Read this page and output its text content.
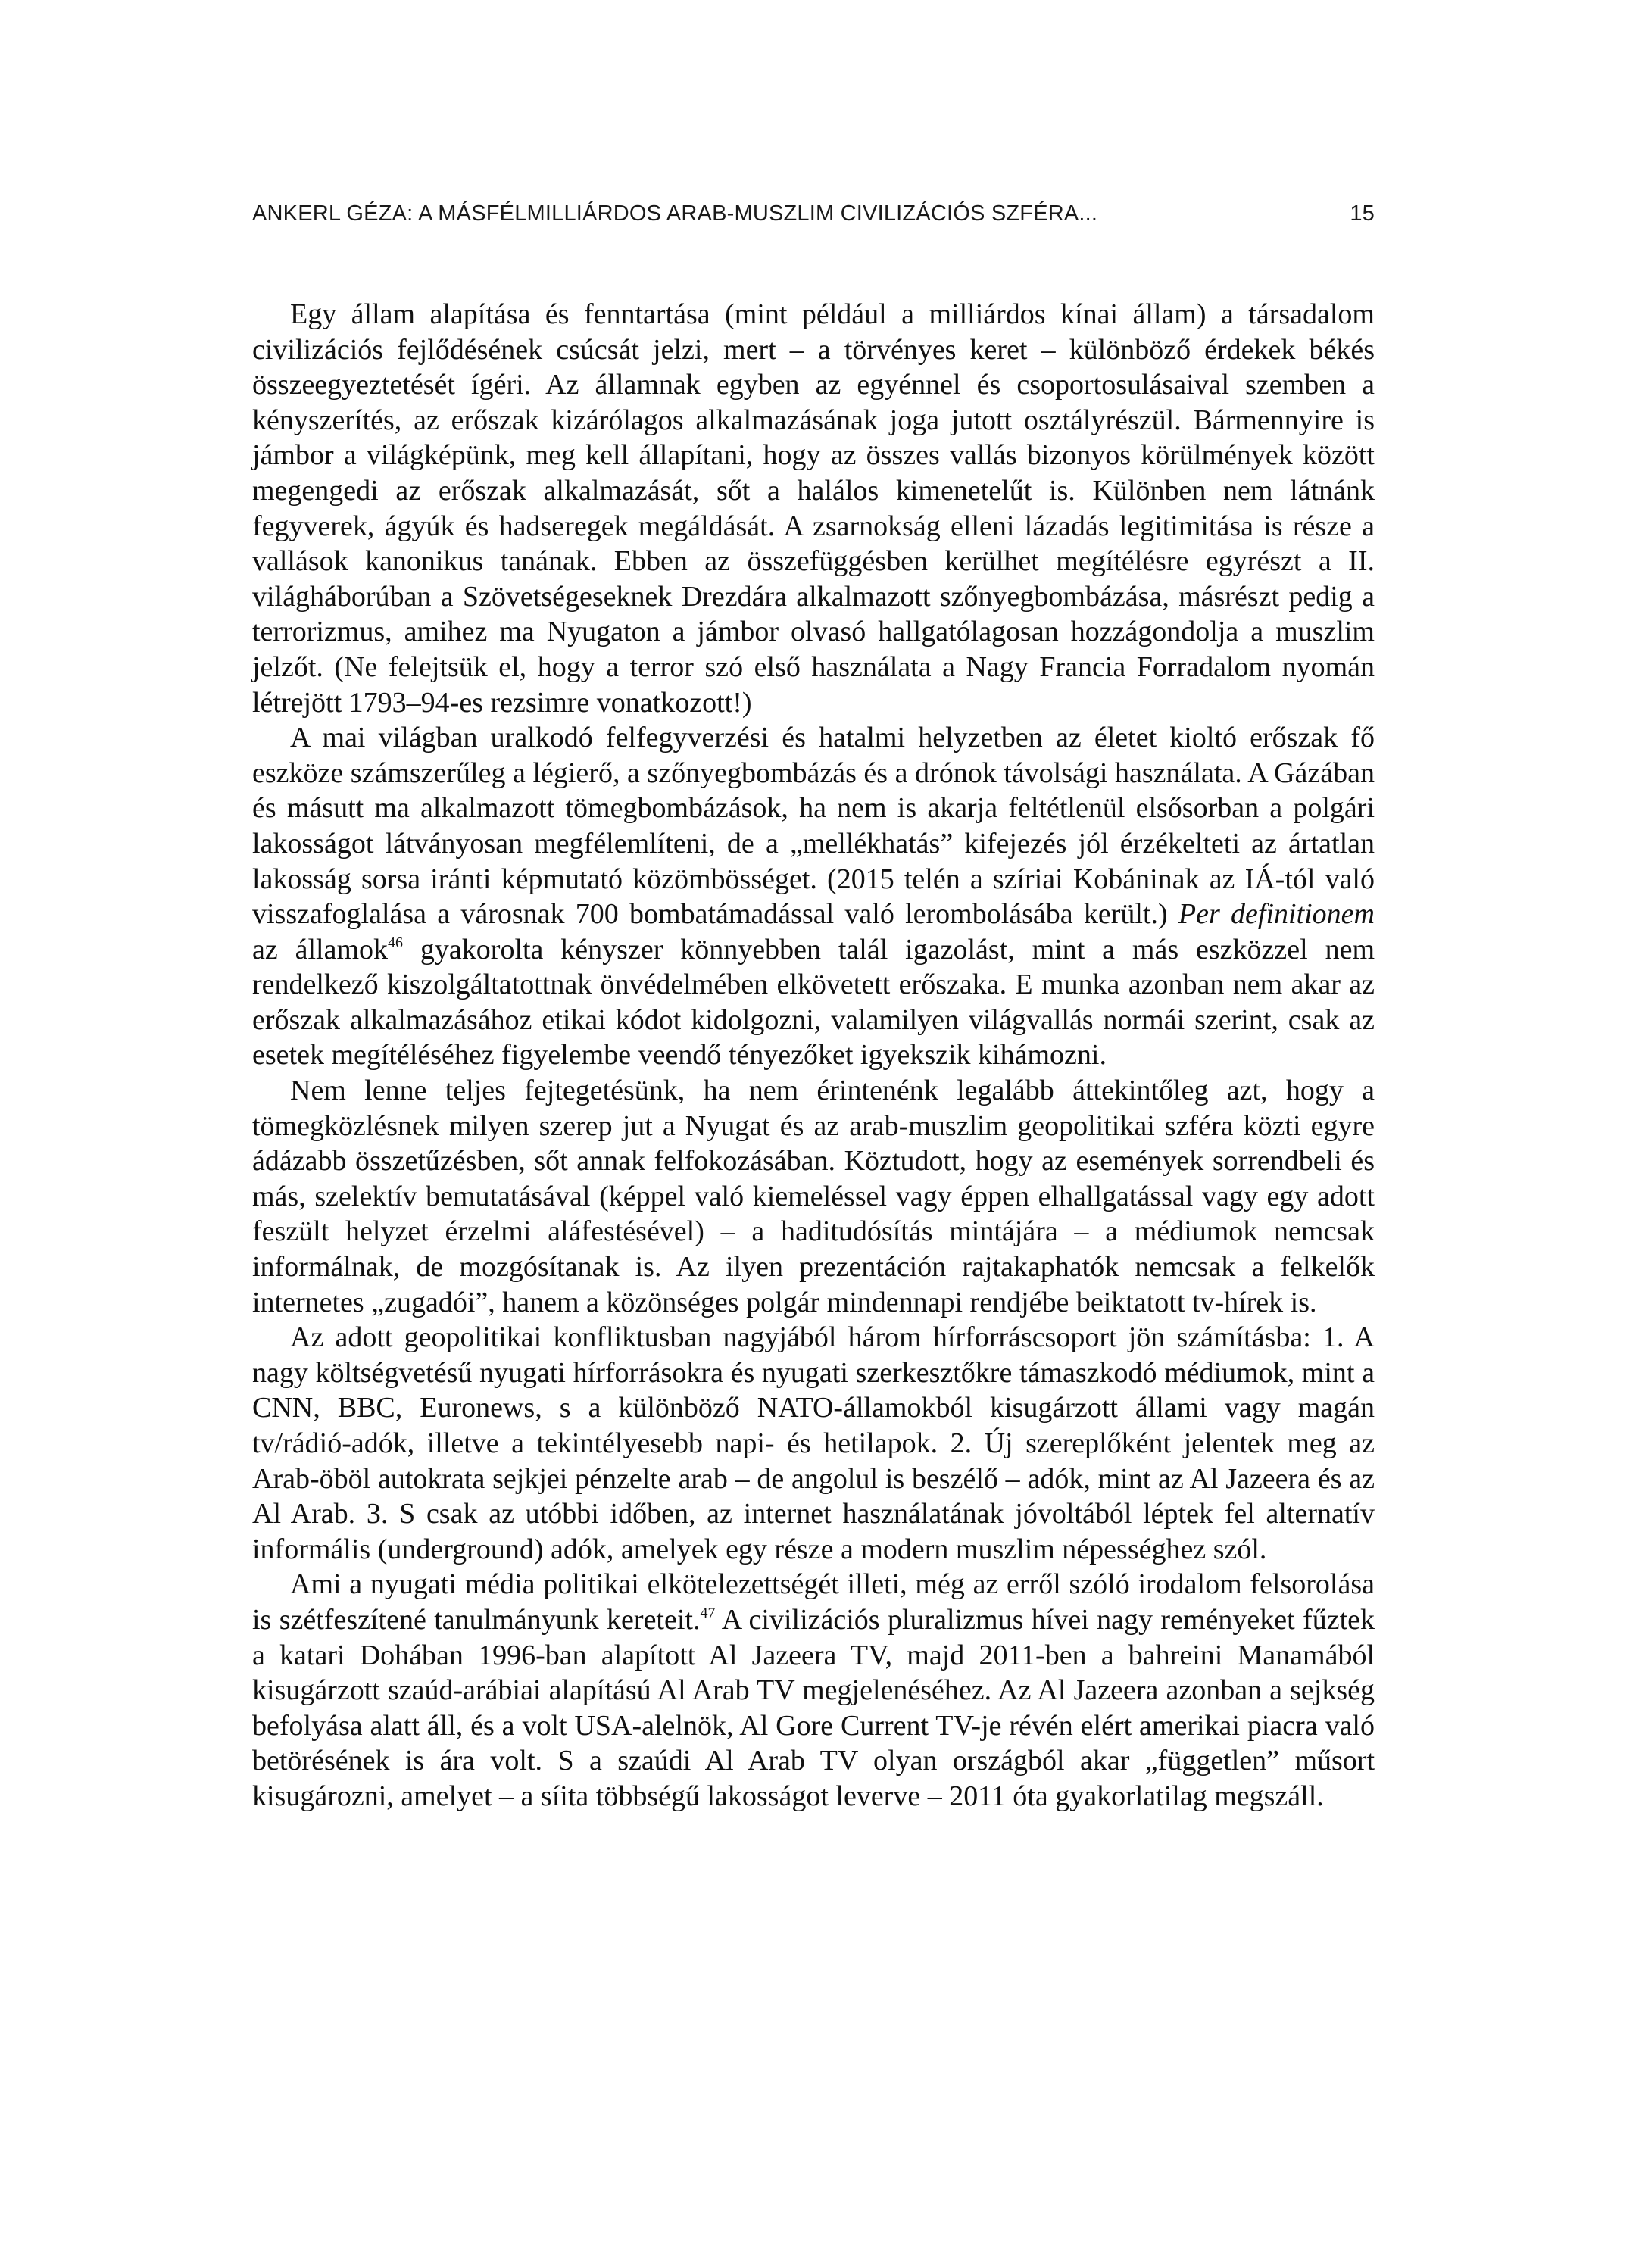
ANKERL GÉZA: A MÁSFÉLMILLIÁRDOS ARAB-MUSZLIM CIVILIZÁCIÓS SZFÉRA...	15

Egy állam alapítása és fenntartása (mint például a milliárdos kínai állam) a társadalom civilizációs fejlődésének csúcsát jelzi, mert – a törvényes keret – különböző érdekek békés összeegyeztetését ígéri. Az államnak egyben az egyénnel és csoportosulásaival szemben a kényszerítés, az erőszak kizárólagos alkalmazásának joga jutott osztályrészül. Bármennyire is jámbor a világképünk, meg kell állapítani, hogy az összes vallás bizonyos körülmények között megengedi az erőszak alkalmazását, sőt a halálos kimenetelűt is. Különben nem látnánk fegyverek, ágyúk és hadseregek megáldását. A zsarnokság elleni lázadás legitimitása is része a vallások kanonikus tanának. Ebben az összefüggésben kerülhet megítélésre egyrészt a II. világháborúban a Szövetségeseknek Drezdára alkalmazott szőnyegbombázása, másrészt pedig a terrorizmus, amihez ma Nyugaton a jámbor olvasó hallgatólagosan hozzágondolja a muszlim jelzőt. (Ne felejtsük el, hogy a terror szó első használata a Nagy Francia Forradalom nyomán létrejött 1793–94-es rezsimre vonatkozott!)

A mai világban uralkodó felfegyverzési és hatalmi helyzetben az életet kioltó erőszak fő eszköze számszerűleg a légierő, a szőnyegbombázás és a drónok távolsági használata. A Gázában és másutt ma alkalmazott tömegbombázások, ha nem is akarja feltétlenül elsősorban a polgári lakosságot látványosan megfélemlíteni, de a „mellékhatás” kifejezés jól érzékelteti az ártatlan lakosság sorsa iránti képmutató közömbösséget. (2015 telén a szíriai Kobáninak az IÁ-tól való visszafoglalása a városnak 700 bombatámadással való lerombolásába került.) Per definitionem az államok$^{46}$ gyakorolta kényszer könnyebben talál igazolást, mint a más eszközzel nem rendelkező kiszolgáltatottnak önvédelmében elkövetett erőszaka. E munka azonban nem akar az erőszak alkalmazásához etikai kódot kidolgozni, valamilyen világvallás normái szerint, csak az esetek megítéléséhez figyelembe veendő tényezőket igyekszik kihámozni.

Nem lenne teljes fejtegetésünk, ha nem érintenénk legalább áttekintőleg azt, hogy a tömegközlésnek milyen szerep jut a Nyugat és az arab-muszlim geopolitikai szféra közti egyre ádázabb összetűzésben, sőt annak felfokozásában. Köztudott, hogy az események sorrendbeli és más, szelektív bemutatásával (képpel való kiemeléssel vagy éppen elhallgatással vagy egy adott feszült helyzet érzelmi aláfestésével) – a haditudósítás mintájára – a médiumok nemcsak informálnak, de mozgósítanak is. Az ilyen prezentáción rajtakaphatók nemcsak a felkelők internetes „zugadói”, hanem a közönséges polgár mindennapi rendjébe beiktatott tv-hírek is.

Az adott geopolitikai konfliktusban nagyjából három hírforráscsoport jön számításba: 1. A nagy költségvetésű nyugati hírforrásokra és nyugati szerkesztőkre támaszkodó médiumok, mint a CNN, BBC, Euronews, s a különböző NATO-államokból kisugárzott állami vagy magán tv/rádió-adók, illetve a tekintélyesebb napi- és hetilapok. 2. Új szereplőként jelentek meg az Arab-öböl autokrata sejkjei pénzelte arab – de angolul is beszélő – adók, mint az Al Jazeera és az Al Arab. 3. S csak az utóbbi időben, az internet használatának jóvoltából léptek fel alternatív informális (underground) adók, amelyek egy része a modern muszlim népességhez szól.

Ami a nyugati média politikai elkötelezettségét illeti, még az erről szóló irodalom felsorolása is szétfeszítené tanulmányunk kereteit.$^{47}$ A civilizációs pluralizmus hívei nagy reményeket fűztek a katari Dohában 1996-ban alapított Al Jazeera TV, majd 2011-ben a bahreini Manamából kisugárzott szaúd-arábiai alapítású Al Arab TV megjelenéséhez. Az Al Jazeera azonban a sejkség befolyása alatt áll, és a volt USA-alelnök, Al Gore Current TV-je révén elért amerikai piacra való betörésének is ára volt. S a szaúdi Al Arab TV olyan országból akar „független” műsort kisugározni, amelyet – a síita többségű lakosságot leverve – 2011 óta gyakorlatilag megszáll.
